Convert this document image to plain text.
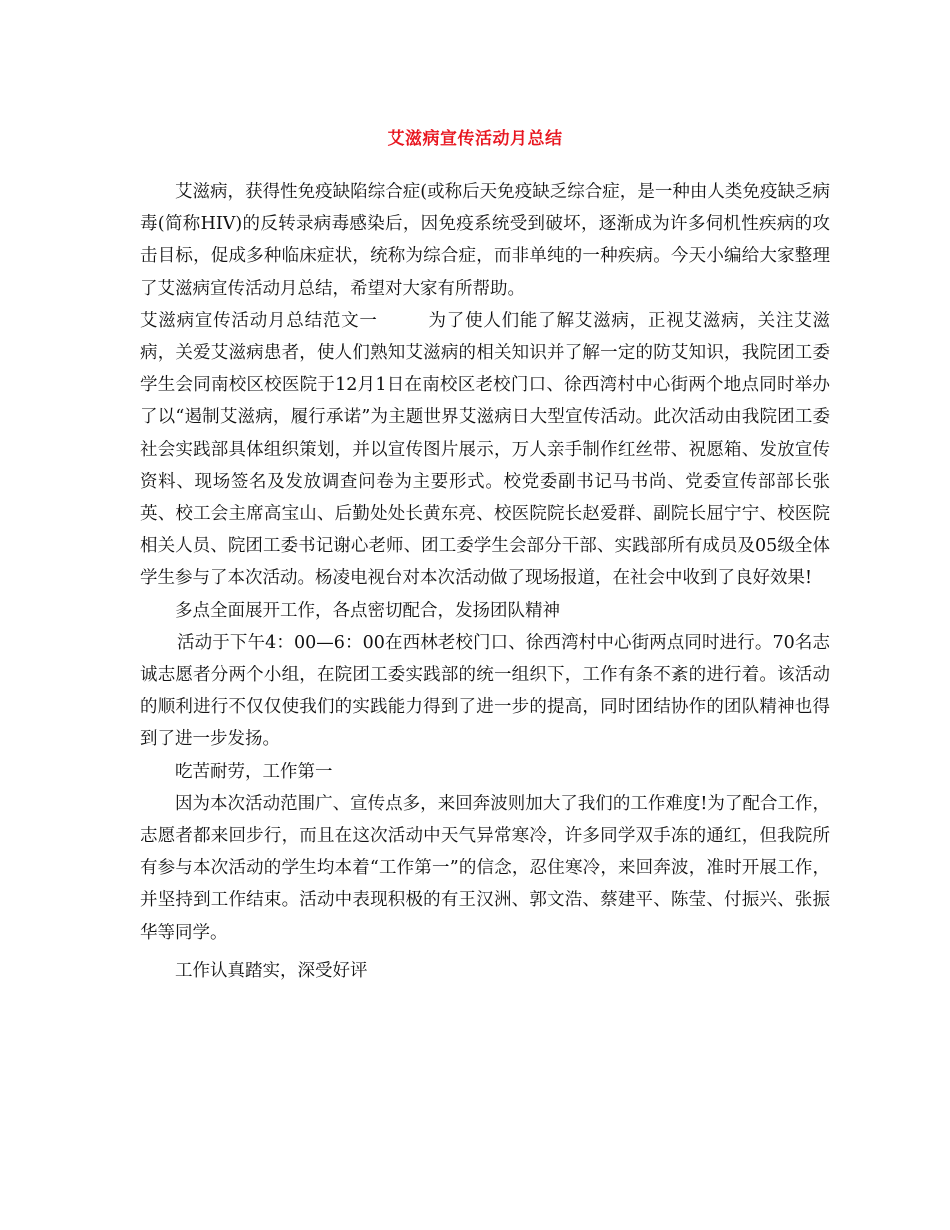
艾滋病宣传活动月总结

艾滋病，获得性免疫缺陷综合症(或称后天免疫缺乏综合症，是一种由人类免疫缺乏病毒(简称HIV)的反转录病毒感染后，因免疫系统受到破坏，逐渐成为许多伺机性疾病的攻击目标，促成多种临床症状，统称为综合症，而非单纯的一种疾病。今天小编给大家整理了艾滋病宣传活动月总结，希望对大家有所帮助。

艾滋病宣传活动月总结范文一	为了使人们能了解艾滋病，正视艾滋病，关注艾滋病，关爱艾滋病患者，使人们熟知艾滋病的相关知识并了解一定的防艾知识，我院团工委学生会同南校区校医院于12月1日在南校区老校门口、徐西湾村中心街两个地点同时举办了以“遏制艾滋病，履行承诺”为主题世界艾滋病日大型宣传活动。此次活动由我院团工委社会实践部具体组织策划，并以宣传图片展示，万人亲手制作红丝带、祝愿箱、发放宣传资料、现场签名及发放调查问卷为主要形式。校党委副书记马书尚、党委宣传部部长张英、校工会主席高宝山、后勤处处长黄东亮、校医院院长赵爱群、副院长屈宁宁、校医院相关人员、院团工委书记谢心老师、团工委学生会部分干部、实践部所有成员及05级全体学生参与了本次活动。杨凌电视台对本次活动做了现场报道，在社会中收到了良好效果!

多点全面展开工作，各点密切配合，发扬团队精神

活动于下午4：00—6：00在西林老校门口、徐西湾村中心街两点同时进行。70名志诚志愿者分两个小组，在院团工委实践部的统一组织下，工作有条不紊的进行着。该活动的顺利进行不仅仅使我们的实践能力得到了进一步的提高，同时团结协作的团队精神也得到了进一步发扬。

吃苦耐劳，工作第一

因为本次活动范围广、宣传点多，来回奔波则加大了我们的工作难度!为了配合工作，志愿者都来回步行，而且在这次活动中天气异常寒冷，许多同学双手冻的通红，但我院所有参与本次活动的学生均本着“工作第一”的信念，忍住寒冷，来回奔波，准时开展工作，并坚持到工作结束。活动中表现积极的有王汉洲、郭文浩、蔡建平、陈莹、付振兴、张振华等同学。

工作认真踏实，深受好评
